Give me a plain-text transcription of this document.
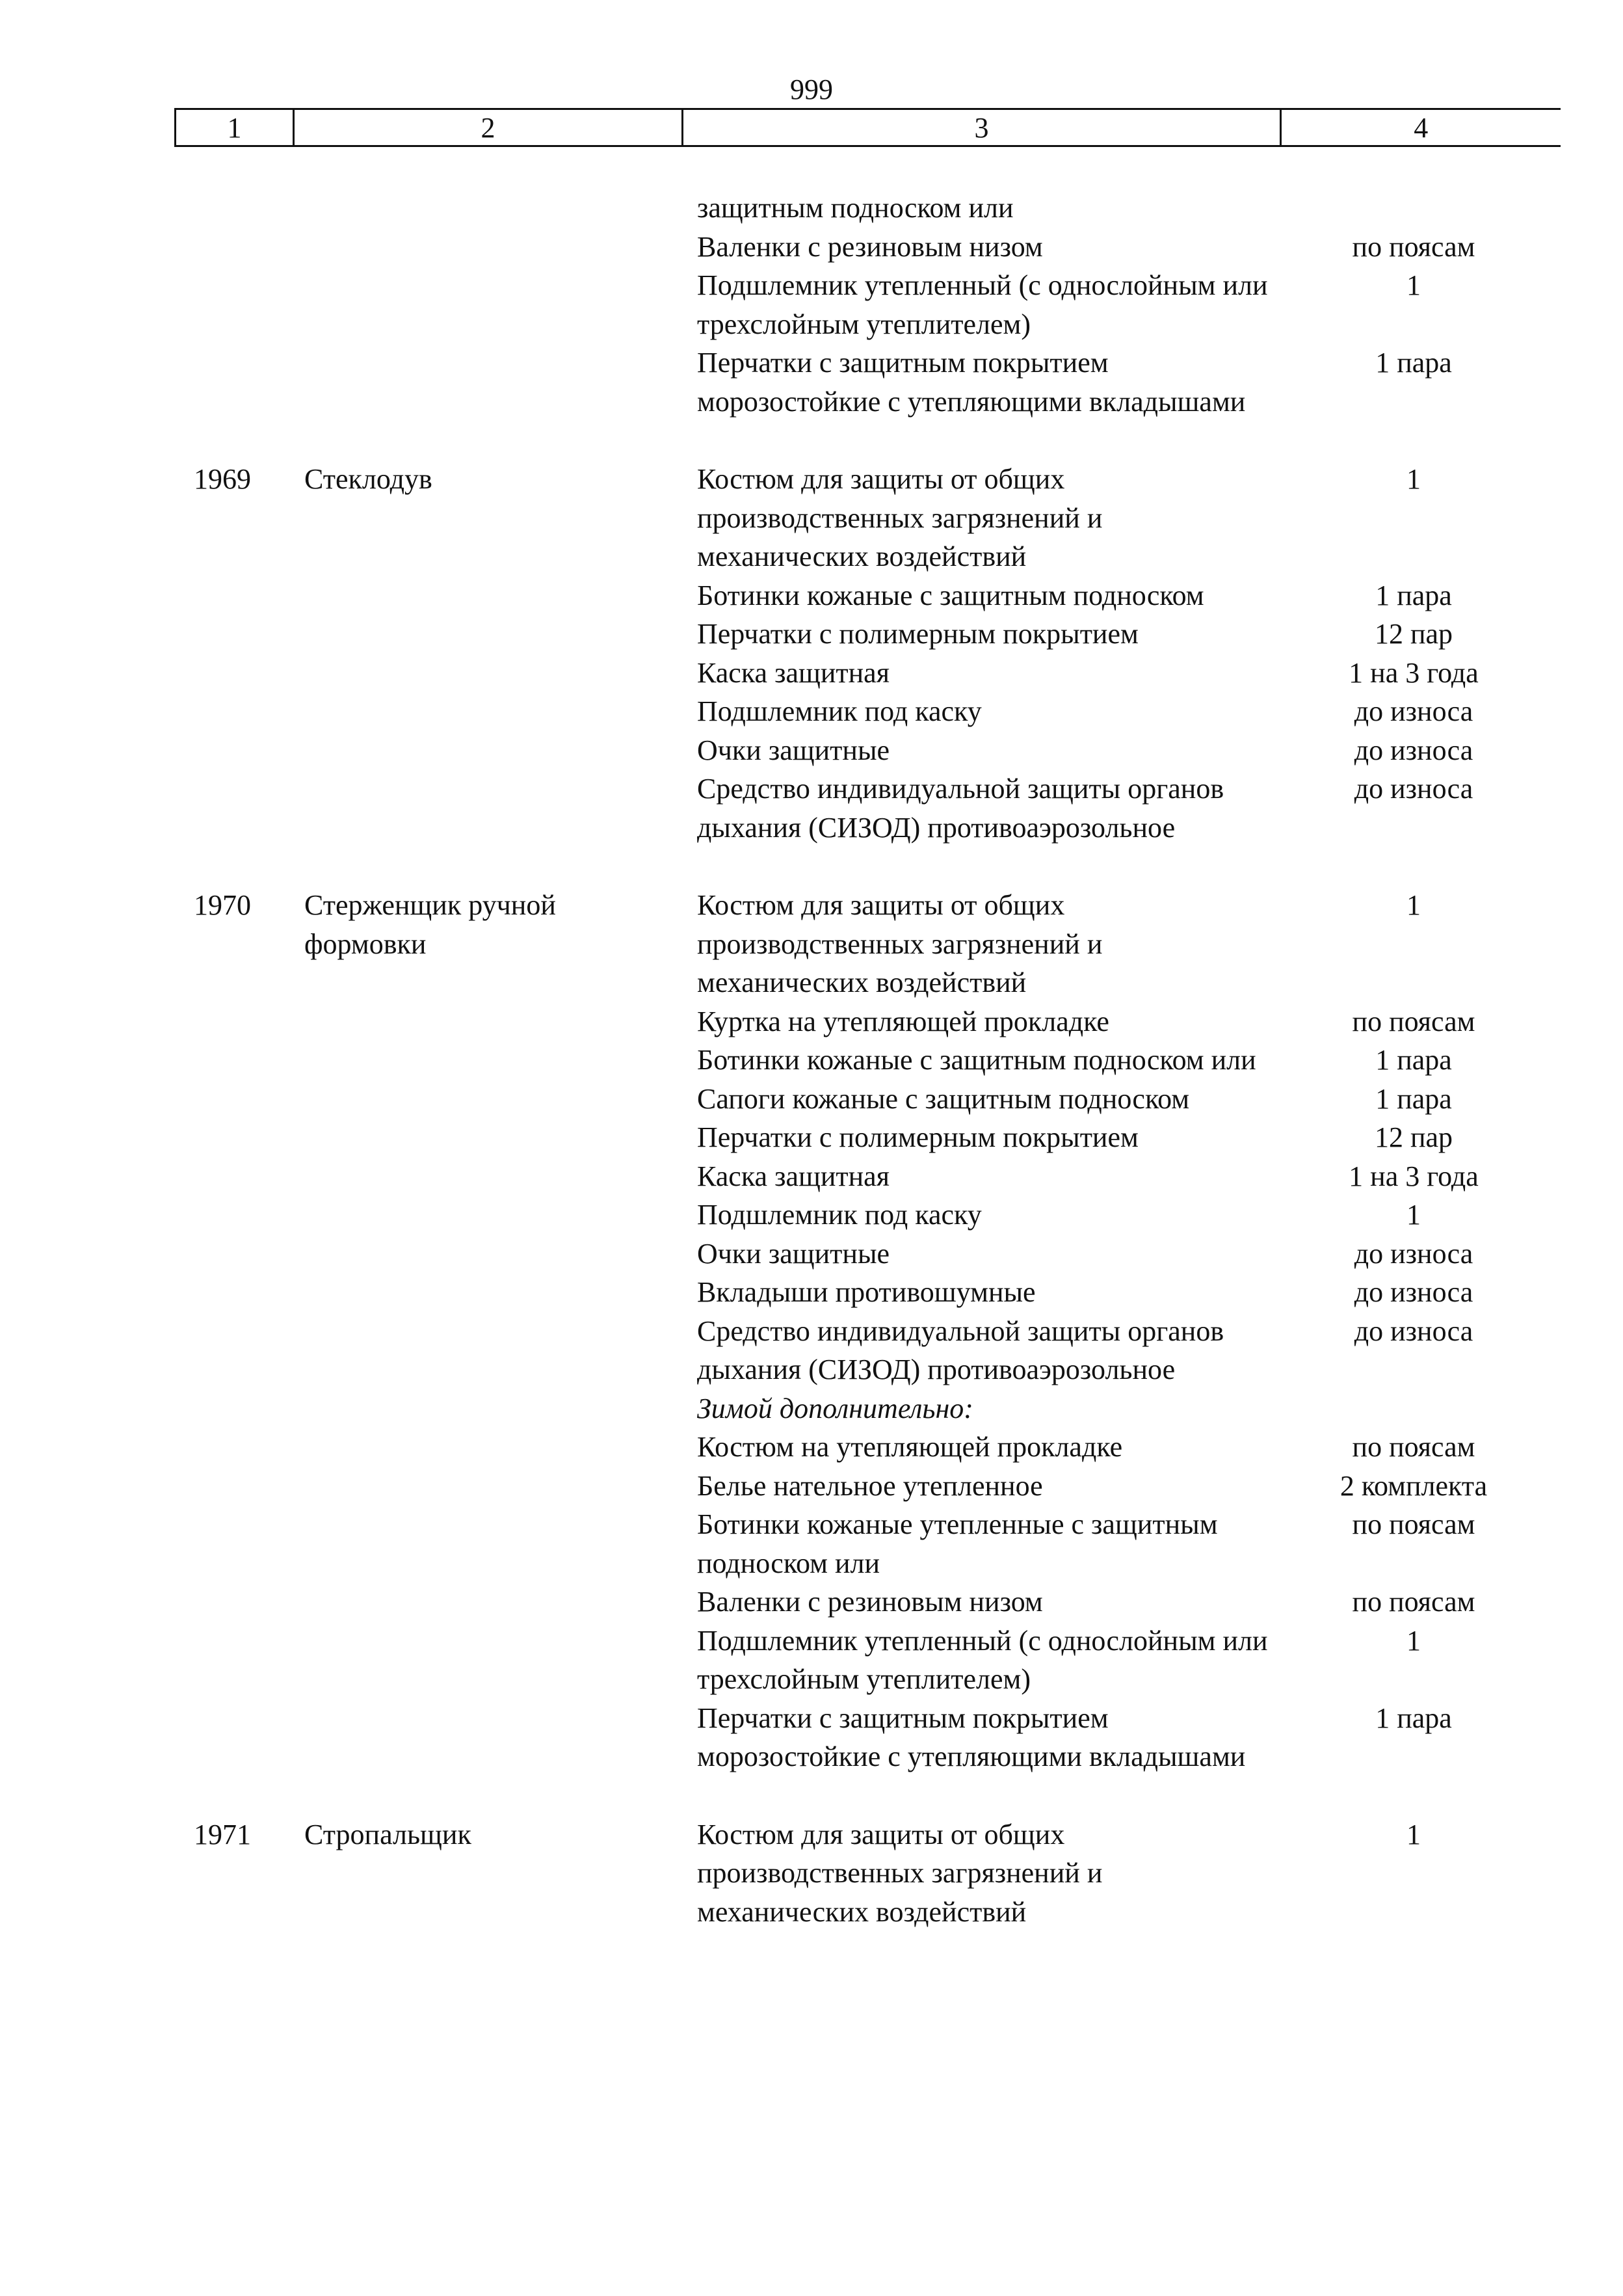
999
1	2	3	4
		защитным подноском или	
		Валенки с резиновым низом	по поясам
		Подшлемник утепленный (с однослойным или трехслойным утеплителем)	1
		Перчатки с защитным покрытием морозостойкие с утепляющими вкладышами	1 пара

1969	Стеклодув	Костюм для защиты от общих производственных загрязнений и механических воздействий	1
		Ботинки кожаные с защитным подноском	1 пара
		Перчатки с полимерным покрытием	12 пар
		Каска защитная	1 на 3 года
		Подшлемник под каску	до износа
		Очки защитные	до износа
		Средство индивидуальной защиты органов дыхания (СИЗОД) противоаэрозольное	до износа

1970	Стерженщик ручной формовки	Костюм для защиты от общих производственных загрязнений и механических воздействий	1
		Куртка на утепляющей прокладке	по поясам
		Ботинки кожаные с защитным подноском или	1 пара
		Сапоги кожаные с защитным подноском	1 пара
		Перчатки с полимерным покрытием	12 пар
		Каска защитная	1 на 3 года
		Подшлемник под каску	1
		Очки защитные	до износа
		Вкладыши противошумные	до износа
		Средство индивидуальной защиты органов дыхания (СИЗОД) противоаэрозольное	до износа
		Зимой дополнительно:	
		Костюм на утепляющей прокладке	по поясам
		Белье нательное утепленное	2 комплекта
		Ботинки кожаные утепленные с защитным подноском или	по поясам
		Валенки с резиновым низом	по поясам
		Подшлемник утепленный (с однослойным или трехслойным утеплителем)	1
		Перчатки с защитным покрытием морозостойкие с утепляющими вкладышами	1 пара

1971	Стропальщик	Костюм для защиты от общих производственных загрязнений и механических воздействий	1
